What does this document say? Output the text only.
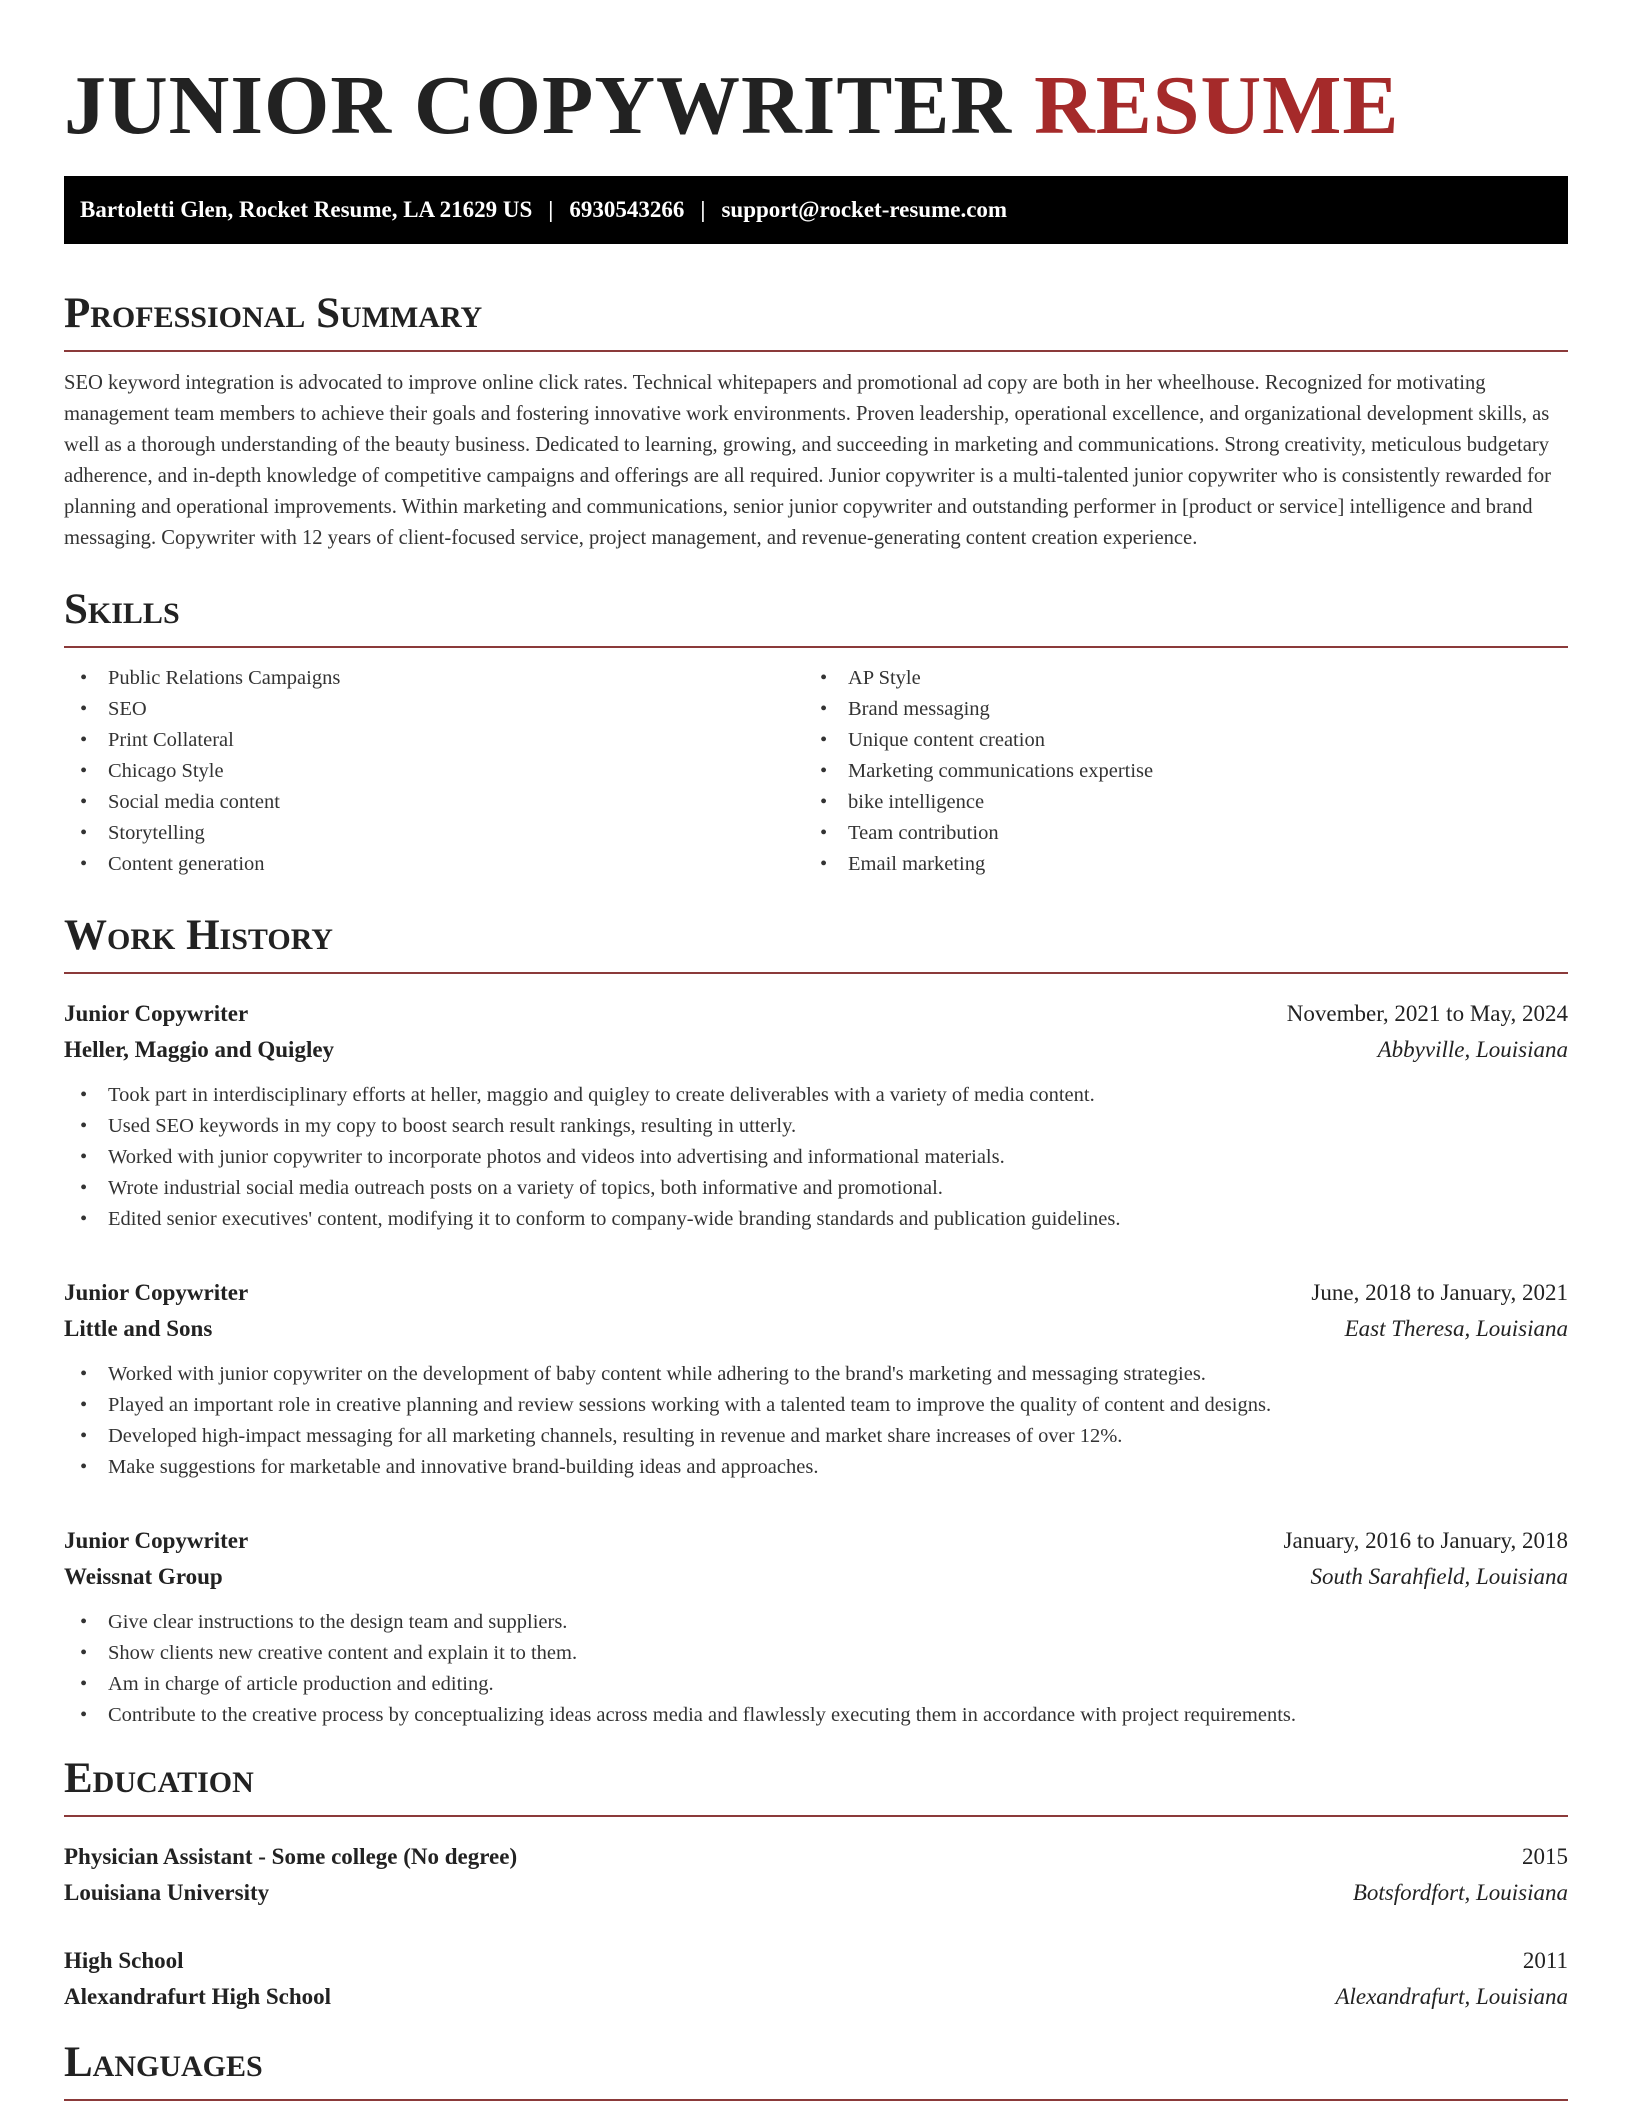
JUNIOR COPYWRITER RESUME
Bartoletti Glen, Rocket Resume, LA 21629 US | 6930543266 | support@rocket-resume.com
Professional Summary

SEO keyword integration is advocated to improve online click rates. Technical whitepapers and promotional ad copy are both in her wheelhouse. Recognized for motivating management team members to achieve their goals and fostering innovative work environments. Proven leadership, operational excellence, and organizational development skills, as well as a thorough understanding of the beauty business. Dedicated to learning, growing, and succeeding in marketing and communications. Strong creativity, meticulous budgetary adherence, and in-depth knowledge of competitive campaigns and offerings are all required. Junior copywriter is a multi-talented junior copywriter who is consistently rewarded for planning and operational improvements. Within marketing and communications, senior junior copywriter and outstanding performer in [product or service] intelligence and brand messaging. Copywriter with 12 years of client-focused service, project management, and revenue-generating content creation experience.

Skills
• Public Relations Campaigns
• SEO
• Print Collateral
• Chicago Style
• Social media content
• Storytelling
• Content generation
• AP Style
• Brand messaging
• Unique content creation
• Marketing communications expertise
• bike intelligence
• Team contribution
• Email marketing
Work History
Junior Copywriter	November, 2021 to May, 2024
Heller, Maggio and Quigley	Abbyville, Louisiana
• Took part in interdisciplinary efforts at heller, maggio and quigley to create deliverables with a variety of media content.
• Used SEO keywords in my copy to boost search result rankings, resulting in utterly.
• Worked with junior copywriter to incorporate photos and videos into advertising and informational materials.
• Wrote industrial social media outreach posts on a variety of topics, both informative and promotional.
• Edited senior executives' content, modifying it to conform to company-wide branding standards and publication guidelines.
Junior Copywriter	June, 2018 to January, 2021
Little and Sons	East Theresa, Louisiana
• Worked with junior copywriter on the development of baby content while adhering to the brand's marketing and messaging strategies.
• Played an important role in creative planning and review sessions working with a talented team to improve the quality of content and designs.
• Developed high-impact messaging for all marketing channels, resulting in revenue and market share increases of over 12%.
• Make suggestions for marketable and innovative brand-building ideas and approaches.
Junior Copywriter	January, 2016 to January, 2018
Weissnat Group	South Sarahfield, Louisiana
• Give clear instructions to the design team and suppliers.
• Show clients new creative content and explain it to them.
• Am in charge of article production and editing.
• Contribute to the creative process by conceptualizing ideas across media and flawlessly executing them in accordance with project requirements.
Education
Physician Assistant - Some college (No degree)	2015
Louisiana University	Botsfordfort, Louisiana
High School	2011
Alexandrafurt High School	Alexandrafurt, Louisiana
Languages
